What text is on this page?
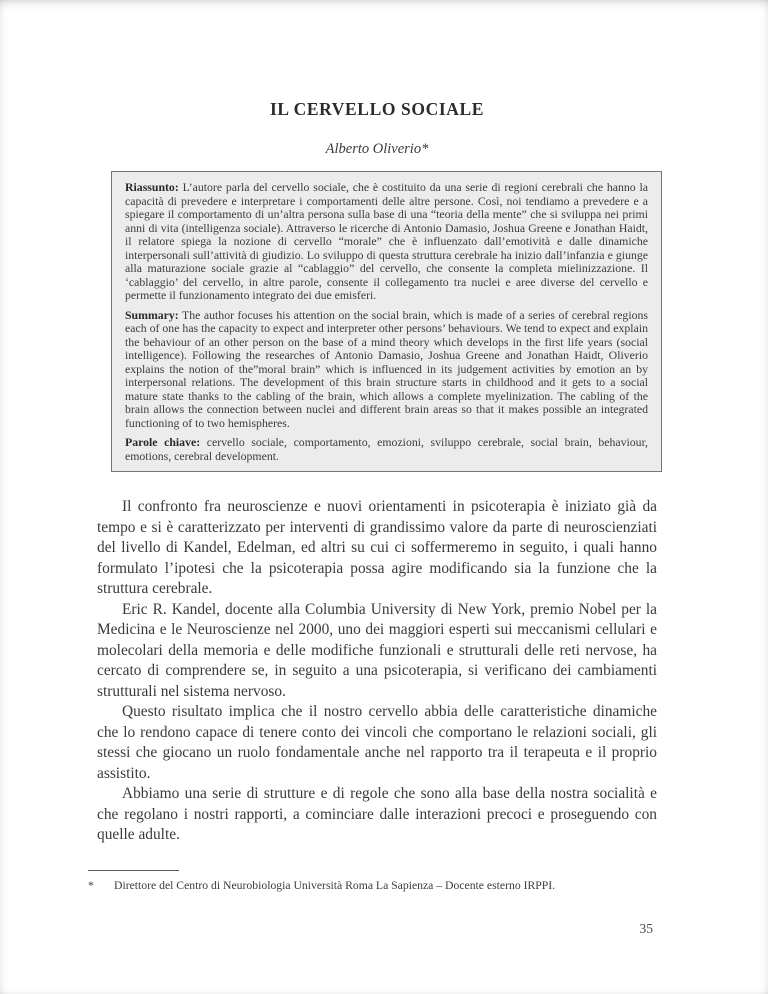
IL CERVELLO SOCIALE
Alberto Oliverio*

Riassunto: L’autore parla del cervello sociale, che è costituito da una serie di regioni cerebrali che hanno la capacità di prevedere e interpretare i comportamenti delle altre persone. Così, noi tendiamo a prevedere e a spiegare il comportamento di un’altra persona sulla base di una “teoria della mente” che si sviluppa nei primi anni di vita (intelligenza sociale). Attraverso le ricerche di Antonio Damasio, Joshua Greene e Jonathan Haidt, il relatore spiega la nozione di cervello “morale” che è influenzato dall’emotività e dalle dinamiche interpersonali sull’attività di giudizio. Lo sviluppo di questa struttura cerebrale ha inizio dall’infanzia e giunge alla maturazione sociale grazie al “cablaggio” del cervello, che consente la completa mielinizzazione. Il ‘cablaggio’ del cervello, in altre parole, consente il collegamento tra nuclei e aree diverse del cervello e permette il funzionamento integrato dei due emisferi.

Summary: The author focuses his attention on the social brain, which is made of a series of cerebral regions each of one has the capacity to expect and interpreter other persons’ behaviours. We tend to expect and explain the behaviour of an other person on the base of a mind theory which develops in the first life years (social intelligence). Following the researches of Antonio Damasio, Joshua Greene and Jonathan Haidt, Oliverio explains the notion of the”moral brain” which is influenced in its judgement activities by emotion an by interpersonal relations. The development of this brain structure starts in childhood and it gets to a social mature state thanks to the cabling of the brain, which allows a complete myelinization. The cabling of the brain allows the connection between nuclei and different brain areas so that it makes possible an integrated functioning of to two hemispheres.

Parole chiave: cervello sociale, comportamento, emozioni, sviluppo cerebrale, social brain, behaviour, emotions, cerebral development.

Il confronto fra neuroscienze e nuovi orientamenti in psicoterapia è iniziato già da tempo e si è caratterizzato per interventi di grandissimo valore da parte di neuroscienziati del livello di Kandel, Edelman, ed altri su cui ci soffermeremo in seguito, i quali hanno formulato l’ipotesi che la psicoterapia possa agire modificando sia la funzione che la struttura cerebrale.

Eric R. Kandel, docente alla Columbia University di New York, premio Nobel per la Medicina e le Neuroscienze nel 2000, uno dei maggiori esperti sui meccanismi cellulari e molecolari della memoria e delle modifiche funzionali e strutturali delle reti nervose, ha cercato di comprendere se, in seguito a una psicoterapia, si verificano dei cambiamenti strutturali nel sistema nervoso.

Questo risultato implica che il nostro cervello abbia delle caratteristiche dinamiche che lo rendono capace di tenere conto dei vincoli che comportano le relazioni sociali, gli stessi che giocano un ruolo fondamentale anche nel rapporto tra il terapeuta e il proprio assistito.

Abbiamo una serie di strutture e di regole che sono alla base della nostra socialità e che regolano i nostri rapporti, a cominciare dalle interazioni precoci e proseguendo con quelle adulte.

*	Direttore del Centro di Neurobiologia Università Roma La Sapienza – Docente esterno IRPPI.
35
